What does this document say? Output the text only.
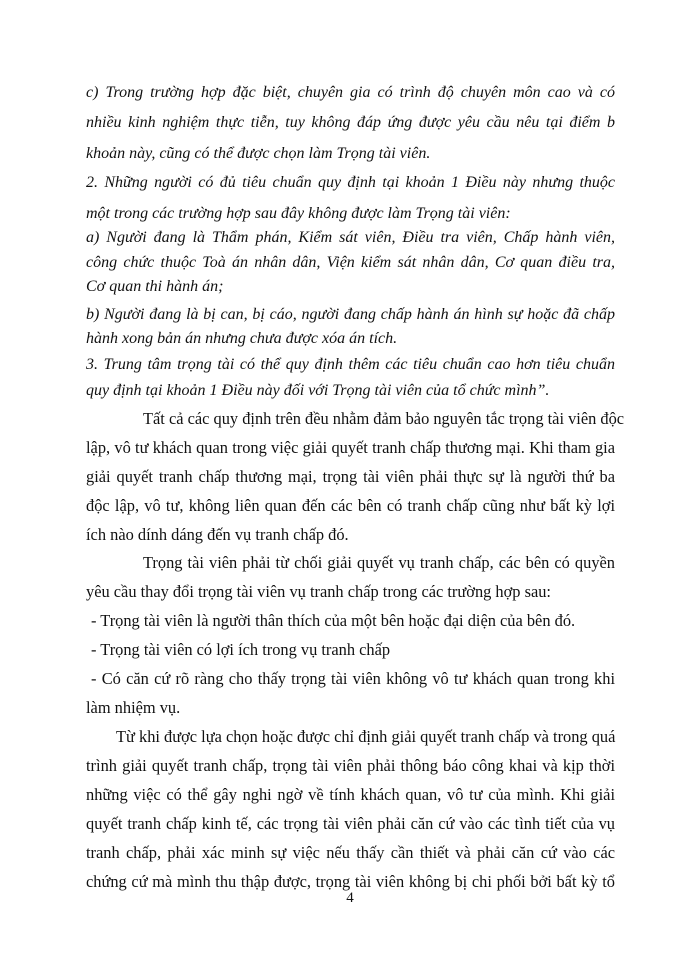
c) Trong trường hợp đặc biệt, chuyên gia có trình độ chuyên môn cao và có
nhiều kinh nghiệm thực tiễn, tuy không đáp ứng được yêu cầu nêu tại điểm b
khoản này, cũng có thể được chọn làm Trọng tài viên.
2. Những người có đủ tiêu chuẩn quy định tại khoản 1 Điều này nhưng thuộc
một trong các trường hợp sau đây không được làm Trọng tài viên:
a) Người đang là Thẩm phán, Kiểm sát viên, Điều tra viên, Chấp hành viên,
công chức thuộc Toà án nhân dân, Viện kiểm sát nhân dân, Cơ quan điều tra,
Cơ quan thi hành án;
b) Người đang là bị can, bị cáo, người đang chấp hành án hình sự hoặc đã chấp
hành xong bản án nhưng chưa được xóa án tích.
3. Trung tâm trọng tài có thể quy định thêm các tiêu chuẩn cao hơn tiêu chuẩn
quy định tại khoản 1 Điều này đối với Trọng tài viên của tổ chức mình”.
Tất cả các quy định trên đều nhằm đảm bảo nguyên tắc trọng tài viên độc
lập, vô tư khách quan trong việc giải quyết tranh chấp thương mại. Khi tham gia
giải quyết tranh chấp thương mại, trọng tài viên phải thực sự là người thứ ba
độc lập, vô tư, không liên quan đến các bên có tranh chấp cũng như bất kỳ lợi
ích nào dính dáng đến vụ tranh chấp đó.
Trọng tài viên phải từ chối giải quyết vụ tranh chấp, các bên có quyền
yêu cầu thay đổi trọng tài viên vụ tranh chấp trong các trường hợp sau:
- Trọng tài viên là người thân thích của một bên hoặc đại diện của bên đó.
- Trọng tài viên có lợi ích trong vụ tranh chấp
- Có căn cứ rõ ràng cho thấy trọng tài viên không vô tư khách quan trong khi
làm nhiệm vụ.
Từ khi được lựa chọn hoặc được chỉ định giải quyết tranh chấp và trong quá
trình giải quyết tranh chấp, trọng tài viên phải thông báo công khai và kịp thời
những việc có thể gây nghi ngờ về tính khách quan, vô tư của mình. Khi giải
quyết tranh chấp kinh tế, các trọng tài viên phải căn cứ vào các tình tiết của vụ
tranh chấp, phải xác minh sự việc nếu thấy cần thiết và phải căn cứ vào các
chứng cứ mà mình thu thập được, trọng tài viên không bị chi phối bởi bất kỳ tổ
4
